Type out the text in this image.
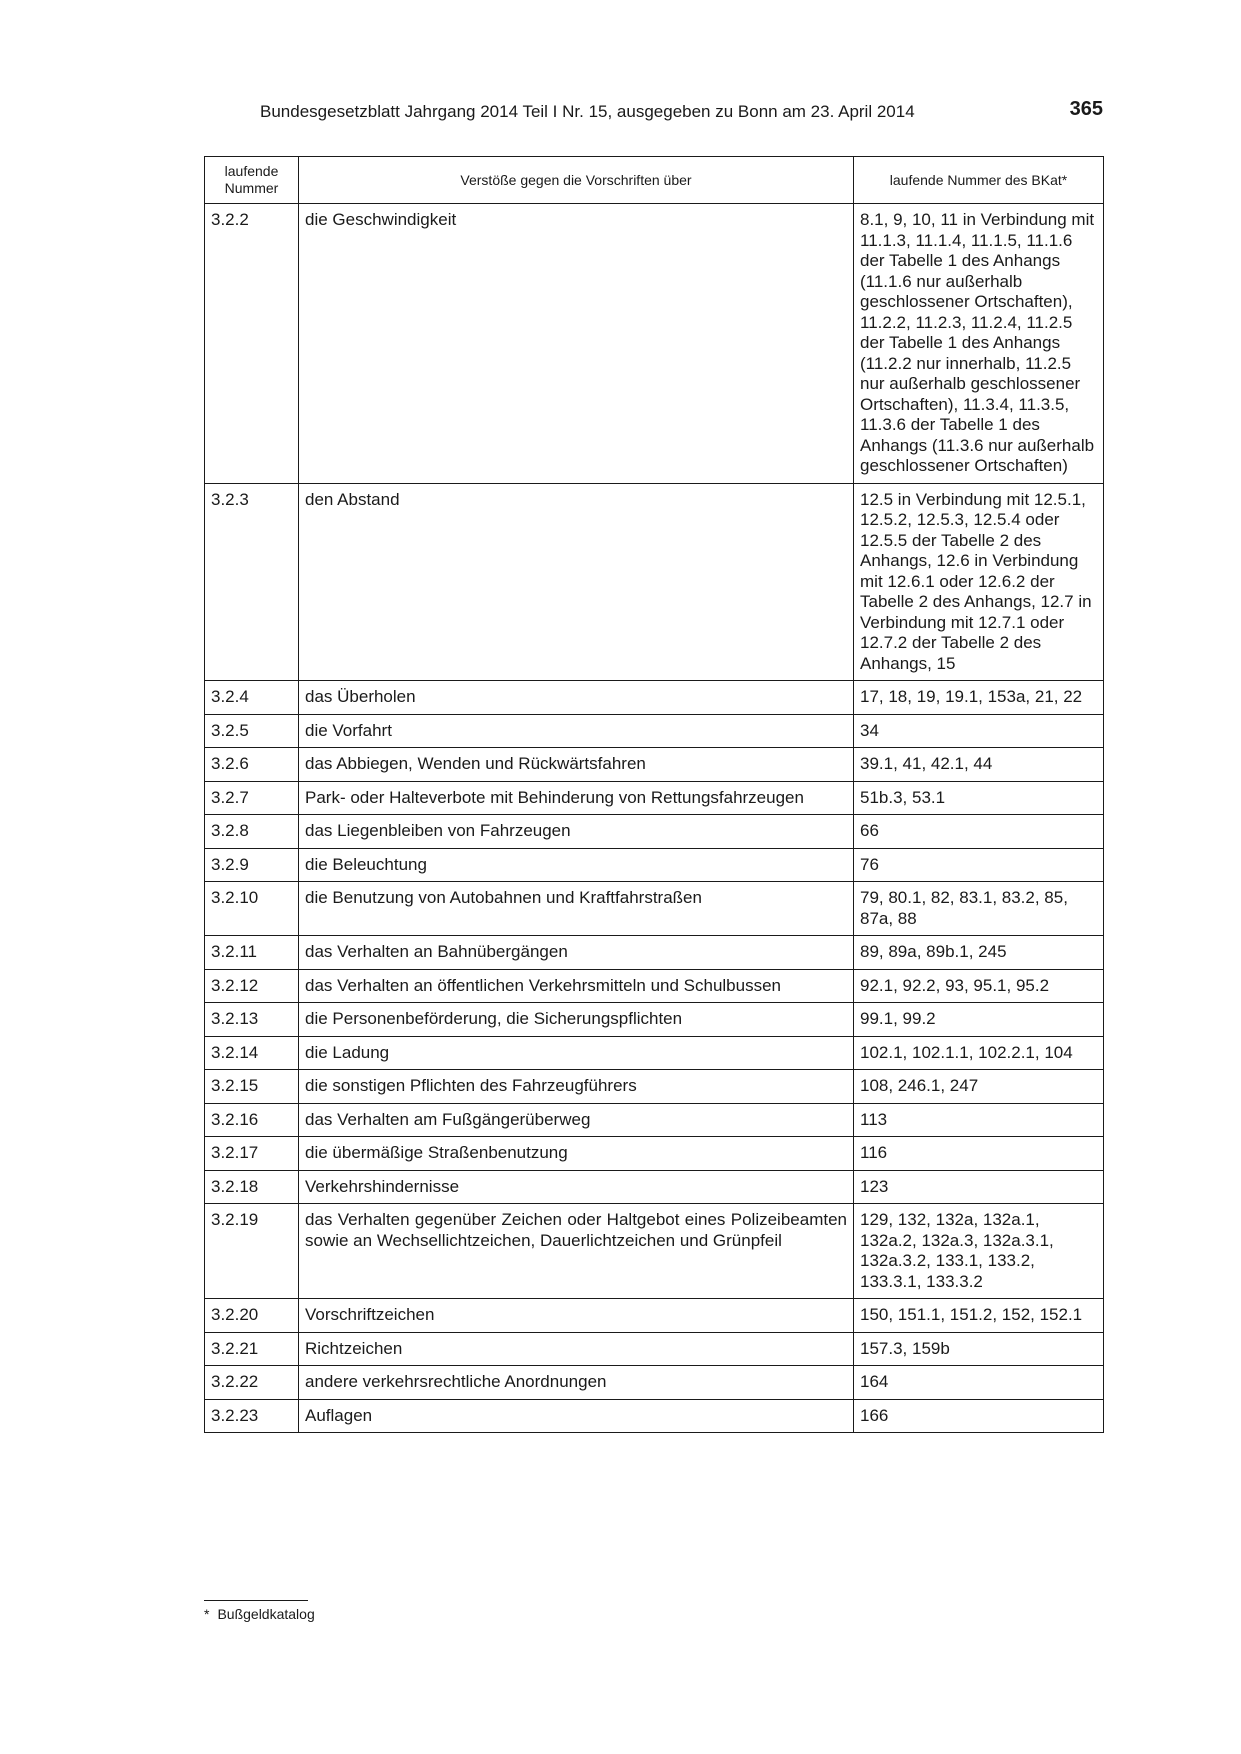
Bundesgesetzblatt Jahrgang 2014 Teil I Nr. 15, ausgegeben zu Bonn am 23. April 2014	365
laufende Nummer	Verstöße gegen die Vorschriften über	laufende Nummer des BKat*
3.2.2	die Geschwindigkeit	8.1, 9, 10, 11 in Verbindung mit 11.1.3, 11.1.4, 11.1.5, 11.1.6 der Tabelle 1 des Anhangs (11.1.6 nur außerhalb geschlossener Ortschaften), 11.2.2, 11.2.3, 11.2.4, 11.2.5 der Tabelle 1 des Anhangs (11.2.2 nur innerhalb, 11.2.5 nur außerhalb geschlossener Ortschaften), 11.3.4, 11.3.5, 11.3.6 der Tabelle 1 des Anhangs (11.3.6 nur außerhalb geschlossener Ortschaften)
3.2.3	den Abstand	12.5 in Verbindung mit 12.5.1, 12.5.2, 12.5.3, 12.5.4 oder 12.5.5 der Tabelle 2 des Anhangs, 12.6 in Verbindung mit 12.6.1 oder 12.6.2 der Tabelle 2 des Anhangs, 12.7 in Verbindung mit 12.7.1 oder 12.7.2 der Tabelle 2 des Anhangs, 15
3.2.4	das Überholen	17, 18, 19, 19.1, 153a, 21, 22
3.2.5	die Vorfahrt	34
3.2.6	das Abbiegen, Wenden und Rückwärtsfahren	39.1, 41, 42.1, 44
3.2.7	Park- oder Halteverbote mit Behinderung von Rettungsfahrzeugen	51b.3, 53.1
3.2.8	das Liegenbleiben von Fahrzeugen	66
3.2.9	die Beleuchtung	76
3.2.10	die Benutzung von Autobahnen und Kraftfahrstraßen	79, 80.1, 82, 83.1, 83.2, 85, 87a, 88
3.2.11	das Verhalten an Bahnübergängen	89, 89a, 89b.1, 245
3.2.12	das Verhalten an öffentlichen Verkehrsmitteln und Schulbussen	92.1, 92.2, 93, 95.1, 95.2
3.2.13	die Personenbeförderung, die Sicherungspflichten	99.1, 99.2
3.2.14	die Ladung	102.1, 102.1.1, 102.2.1, 104
3.2.15	die sonstigen Pflichten des Fahrzeugführers	108, 246.1, 247
3.2.16	das Verhalten am Fußgängerüberweg	113
3.2.17	die übermäßige Straßenbenutzung	116
3.2.18	Verkehrshindernisse	123
3.2.19	das Verhalten gegenüber Zeichen oder Haltgebot eines Polizeibeamten sowie an Wechsellichtzeichen, Dauerlichtzeichen und Grünpfeil	129, 132, 132a, 132a.1, 132a.2, 132a.3, 132a.3.1, 132a.3.2, 133.1, 133.2, 133.3.1, 133.3.2
3.2.20	Vorschriftzeichen	150, 151.1, 151.2, 152, 152.1
3.2.21	Richtzeichen	157.3, 159b
3.2.22	andere verkehrsrechtliche Anordnungen	164
3.2.23	Auflagen	166
* Bußgeldkatalog
